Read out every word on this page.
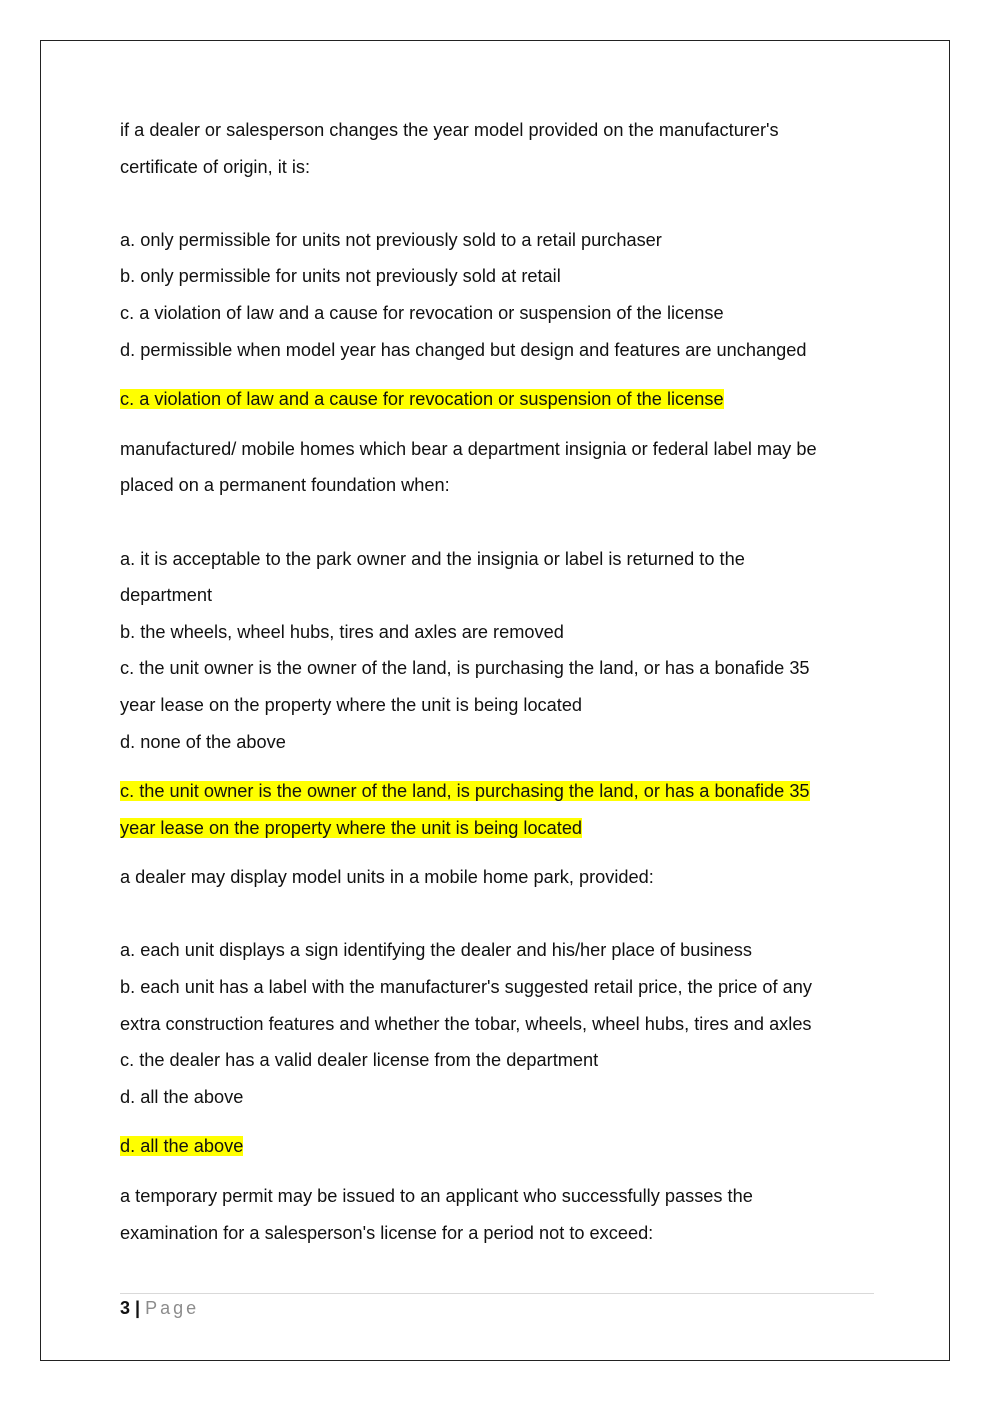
if a dealer or salesperson changes the year model provided on the manufacturer's

certificate of origin, it is:

a. only permissible for units not previously sold to a retail purchaser

b. only permissible for units not previously sold at retail

c. a violation of law and a cause for revocation or suspension of the license

d. permissible when model year has changed but design and features are unchanged

c. a violation of law and a cause for revocation or suspension of the license

manufactured/ mobile homes which bear a department insignia or federal label may be

placed on a permanent foundation when:

a. it is acceptable to the park owner and the insignia or label is returned to the

department

b. the wheels, wheel hubs, tires and axles are removed

c. the unit owner is the owner of the land, is purchasing the land, or has a bonafide 35

year lease on the property where the unit is being located

d. none of the above

c. the unit owner is the owner of the land, is purchasing the land, or has a bonafide 35
year lease on the property where the unit is being located

a dealer may display model units in a mobile home park, provided:

a. each unit displays a sign identifying the dealer and his/her place of business

b. each unit has a label with the manufacturer's suggested retail price, the price of any

extra construction features and whether the tobar, wheels, wheel hubs, tires and axles

c. the dealer has a valid dealer license from the department

d. all the above

d. all the above

a temporary permit may be issued to an applicant who successfully passes the

examination for a salesperson's license for a period not to exceed:

3 | Page
